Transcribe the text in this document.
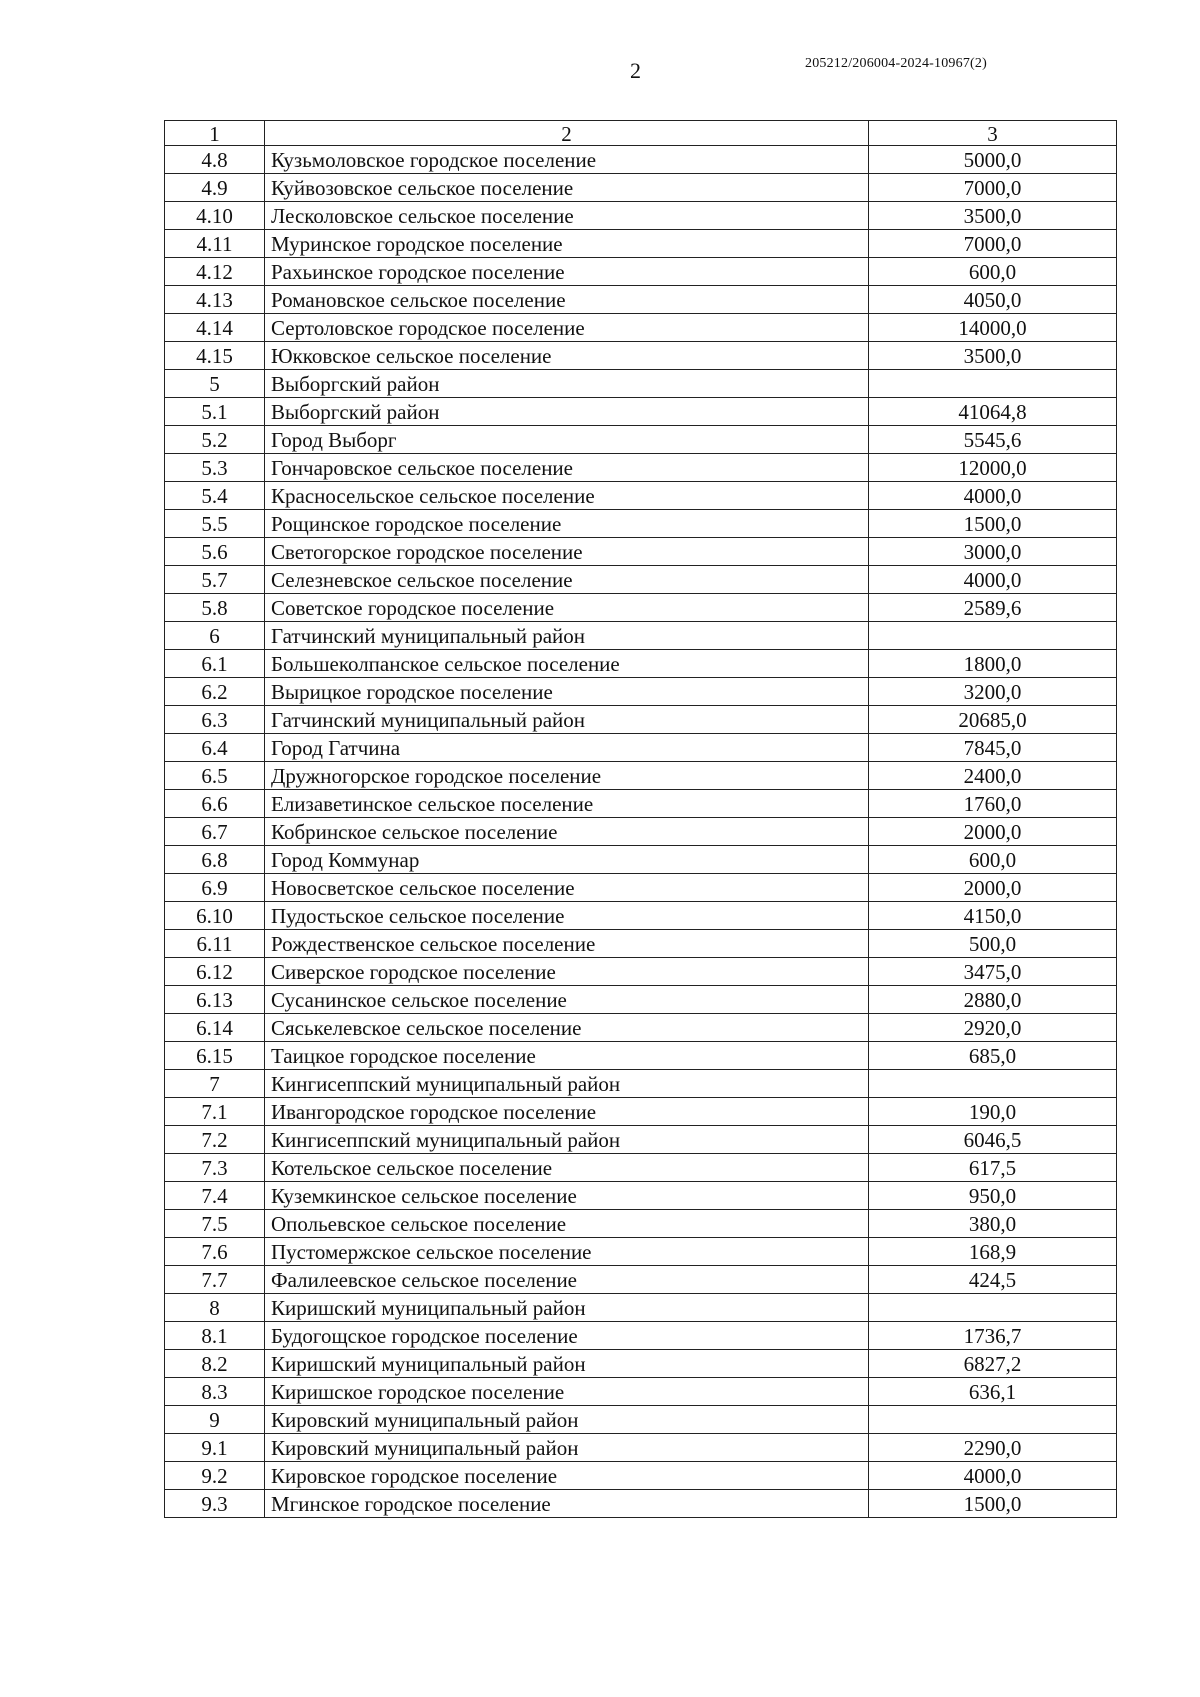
2	205212/206004-2024-10967(2)
1	2	3
4.8	Кузьмоловское городское поселение	5000,0
4.9	Куйвозовское сельское поселение	7000,0
4.10	Лесколовское сельское поселение	3500,0
4.11	Муринское городское поселение	7000,0
4.12	Рахьинское городское поселение	600,0
4.13	Романовское сельское поселение	4050,0
4.14	Сертоловское городское поселение	14000,0
4.15	Юкковское сельское поселение	3500,0
5	Выборгский район	
5.1	Выборгский район	41064,8
5.2	Город Выборг	5545,6
5.3	Гончаровское сельское поселение	12000,0
5.4	Красносельское сельское поселение	4000,0
5.5	Рощинское городское поселение	1500,0
5.6	Светогорское городское поселение	3000,0
5.7	Селезневское сельское поселение	4000,0
5.8	Советское городское поселение	2589,6
6	Гатчинский муниципальный район	
6.1	Большеколпанское сельское поселение	1800,0
6.2	Вырицкое городское поселение	3200,0
6.3	Гатчинский муниципальный район	20685,0
6.4	Город Гатчина	7845,0
6.5	Дружногорское городское поселение	2400,0
6.6	Елизаветинское сельское поселение	1760,0
6.7	Кобринское сельское поселение	2000,0
6.8	Город Коммунар	600,0
6.9	Новосветское сельское поселение	2000,0
6.10	Пудостьское сельское поселение	4150,0
6.11	Рождественское сельское поселение	500,0
6.12	Сиверское городское поселение	3475,0
6.13	Сусанинское сельское поселение	2880,0
6.14	Сяськелевское сельское поселение	2920,0
6.15	Таицкое городское поселение	685,0
7	Кингисеппский муниципальный район	
7.1	Ивангородское городское поселение	190,0
7.2	Кингисеппский муниципальный район	6046,5
7.3	Котельское сельское поселение	617,5
7.4	Куземкинское сельское поселение	950,0
7.5	Опольевское сельское поселение	380,0
7.6	Пустомержское сельское поселение	168,9
7.7	Фалилеевское сельское поселение	424,5
8	Киришский муниципальный район	
8.1	Будогощское городское поселение	1736,7
8.2	Киришский муниципальный район	6827,2
8.3	Киришское городское поселение	636,1
9	Кировский муниципальный район	
9.1	Кировский муниципальный район	2290,0
9.2	Кировское городское поселение	4000,0
9.3	Мгинское городское поселение	1500,0
